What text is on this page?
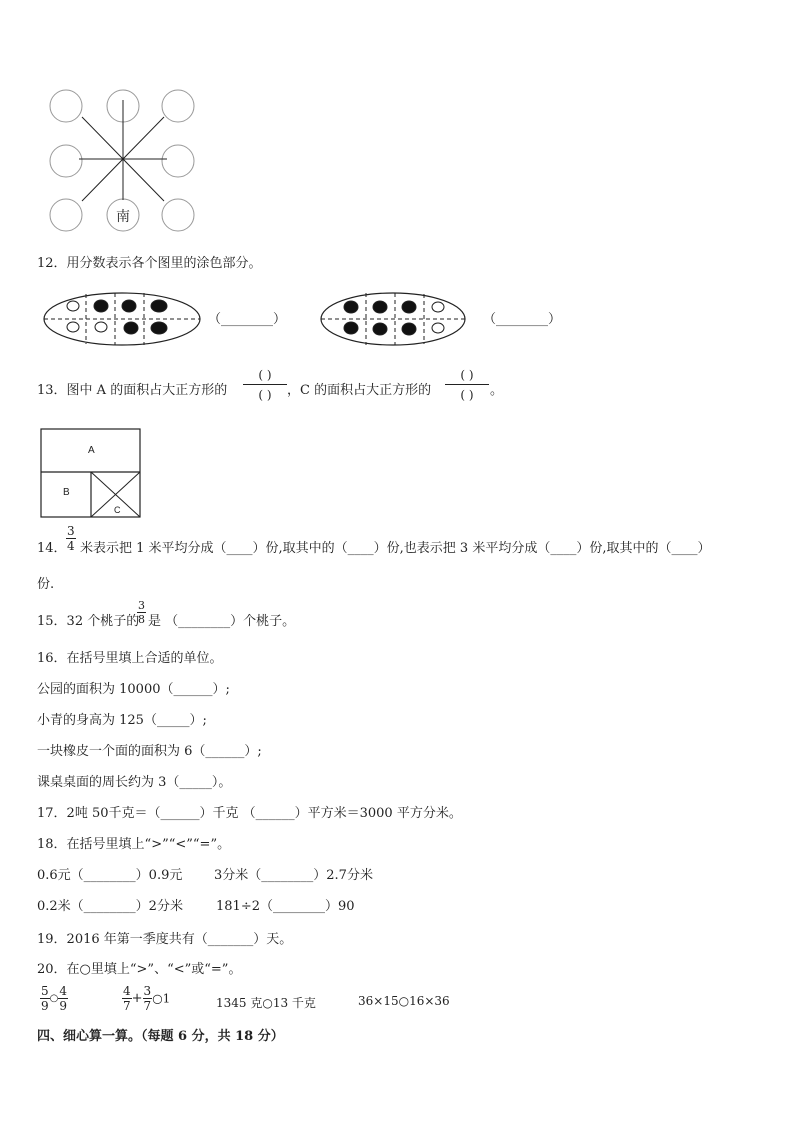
南
12．用分数表示各个图里的涂色部分。
（________）	（________）
13．图中 A 的面积占大正方形的
( )
( )	，C 的面积占大正方形的
( )
( )	。
A
B
C
14． $\frac{3}{4}$ 米表示把 1 米平均分成（____）份,取其中的（____）份,也表示把 3 米平均分成（____）份,取其中的（____）
份.
15．32 个桃子的
$\frac{3}{8}$ 是 （________）个桃子。
16．在括号里填上合适的单位。
公园的面积为 10000（______）;
小青的身高为 125（_____）;
一块橡皮一个面的面积为 6（______）;
课桌桌面的周长约为 3（_____）。
17．2吨 50千克＝（______）千克 （______）平方米＝3000 平方分米。
18．在括号里填上“>”“<”“=”。
0.6元（________）0.9元 3分米（________）2.7分米
0.2米（________）2分米	181÷2（________）90
19．2016 年第一季度共有（_______）天。
20．在○里填上“>”、“<”或“=”。
$\frac{5}{9}$ ○ $\frac{4}{9}$	$\frac{4}{7} + \frac{3}{7}$ ○1	1345 克○13 千克	36×15○16×36
四、细心算一算。（每题 6 分，共 18 分）
